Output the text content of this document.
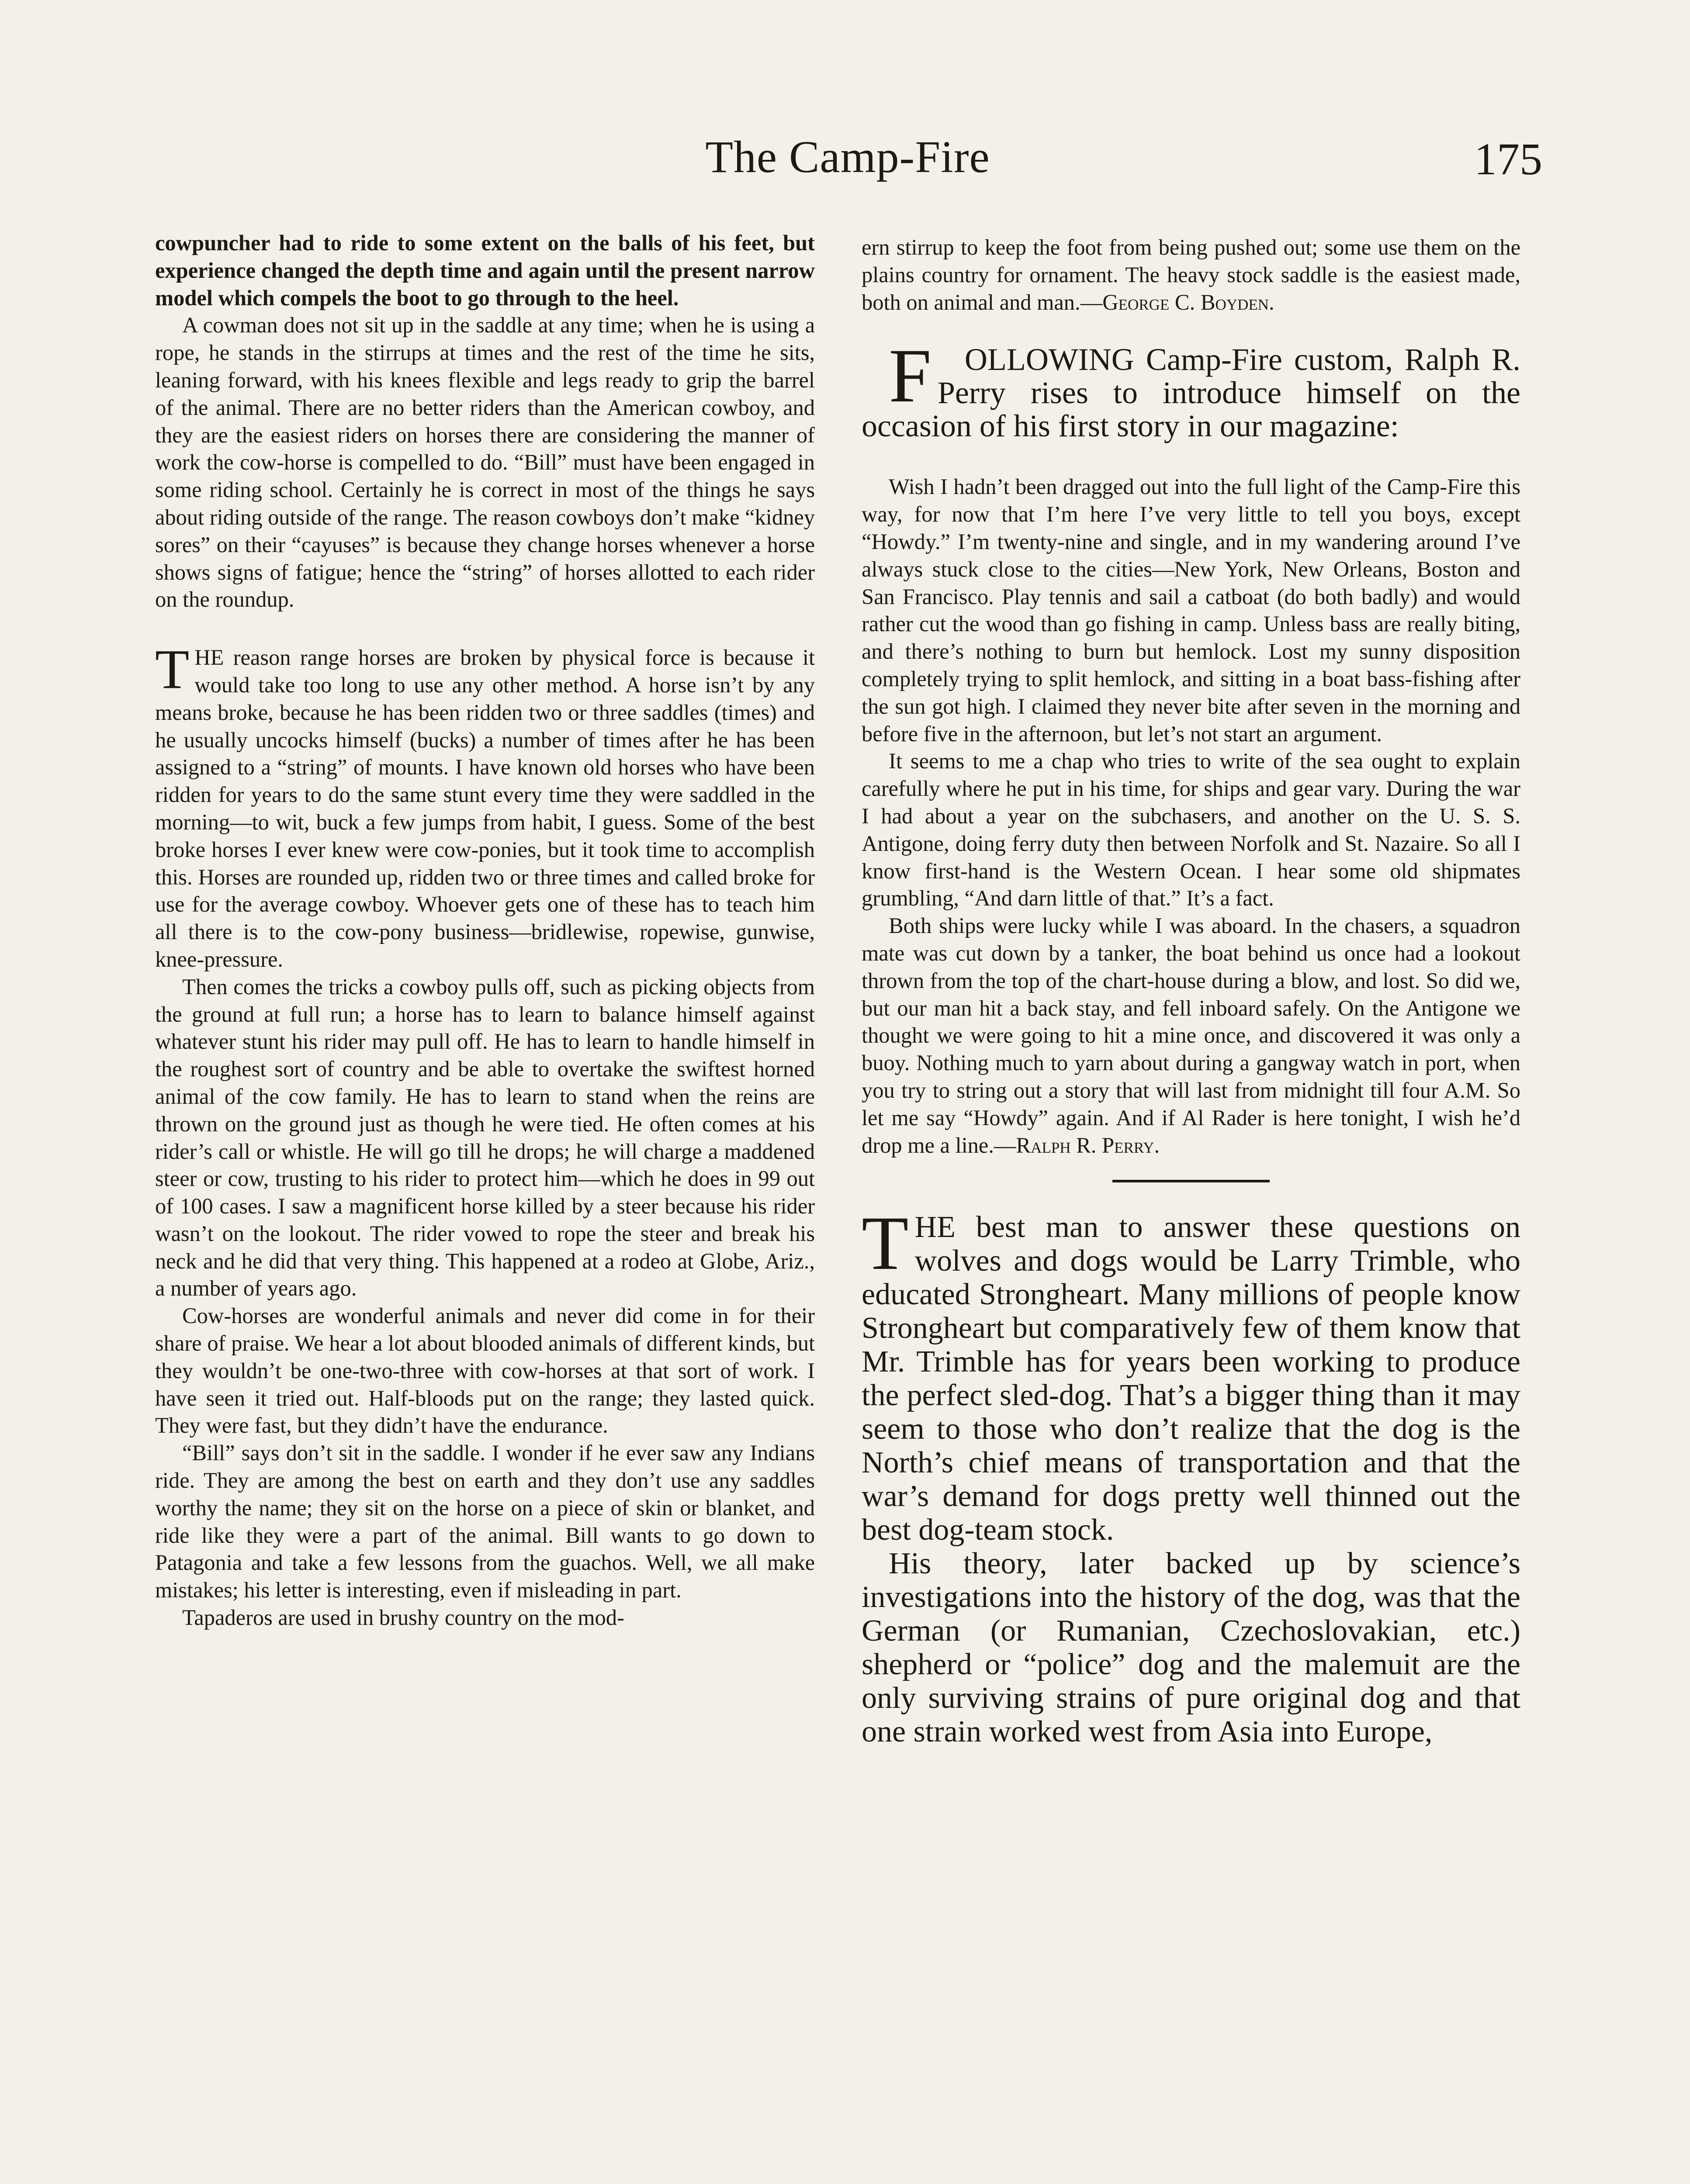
The Camp-Fire	175

cowpuncher had to ride to some extent on the balls of his feet, but experience changed the depth time and again until the present narrow model which compels the boot to go through to the heel.

A cowman does not sit up in the saddle at any time; when he is using a rope, he stands in the stirrups at times and the rest of the time he sits, leaning forward, with his knees flexible and legs ready to grip the barrel of the animal. There are no better riders than the American cowboy, and they are the easiest riders on horses there are considering the manner of work the cow-horse is compelled to do. “Bill” must have been engaged in some riding school. Certainly he is correct in most of the things he says about riding outside of the range. The reason cowboys don’t make “kidney sores” on their “cayuses” is because they change horses whenever a horse shows signs of fatigue; hence the “string” of horses allotted to each rider on the roundup.

THE reason range horses are broken by physical force is because it would take too long to use any other method. A horse isn’t by any means broke, because he has been ridden two or three saddles (times) and he usually uncocks himself (bucks) a number of times after he has been assigned to a “string” of mounts. I have known old horses who have been ridden for years to do the same stunt every time they were saddled in the morning—to wit, buck a few jumps from habit, I guess. Some of the best broke horses I ever knew were cow-ponies, but it took time to accomplish this. Horses are rounded up, ridden two or three times and called broke for use for the average cowboy. Whoever gets one of these has to teach him all there is to the cow-pony business—bridlewise, ropewise, gunwise, knee-pressure.

Then comes the tricks a cowboy pulls off, such as picking objects from the ground at full run; a horse has to learn to balance himself against whatever stunt his rider may pull off. He has to learn to handle himself in the roughest sort of country and be able to overtake the swiftest horned animal of the cow family. He has to learn to stand when the reins are thrown on the ground just as though he were tied. He often comes at his rider’s call or whistle. He will go till he drops; he will charge a maddened steer or cow, trusting to his rider to protect him—which he does in 99 out of 100 cases. I saw a magnificent horse killed by a steer because his rider wasn’t on the lookout. The rider vowed to rope the steer and break his neck and he did that very thing. This happened at a rodeo at Globe, Ariz., a number of years ago.

Cow-horses are wonderful animals and never did come in for their share of praise. We hear a lot about blooded animals of different kinds, but they wouldn’t be one-two-three with cow-horses at that sort of work. I have seen it tried out. Half-bloods put on the range; they lasted quick. They were fast, but they didn’t have the endurance.

“Bill” says don’t sit in the saddle. I wonder if he ever saw any Indians ride. They are among the best on earth and they don’t use any saddles worthy the name; they sit on the horse on a piece of skin or blanket, and ride like they were a part of the animal. Bill wants to go down to Patagonia and take a few lessons from the guachos. Well, we all make mistakes; his letter is interesting, even if misleading in part.

Tapaderos are used in brushy country on the mod-

ern stirrup to keep the foot from being pushed out; some use them on the plains country for ornament. The heavy stock saddle is the easiest made, both on animal and man.—George C. Boyden.

F OLLOWING Camp-Fire custom, Ralph R. Perry rises to introduce himself on the occasion of his first story in our magazine:

Wish I hadn’t been dragged out into the full light of the Camp-Fire this way, for now that I’m here I’ve very little to tell you boys, except “Howdy.” I’m twenty-nine and single, and in my wandering around I’ve always stuck close to the cities—New York, New Orleans, Boston and San Francisco. Play tennis and sail a catboat (do both badly) and would rather cut the wood than go fishing in camp. Unless bass are really biting, and there’s nothing to burn but hemlock. Lost my sunny disposition completely trying to split hemlock, and sitting in a boat bass-fishing after the sun got high. I claimed they never bite after seven in the morning and before five in the afternoon, but let’s not start an argument.

It seems to me a chap who tries to write of the sea ought to explain carefully where he put in his time, for ships and gear vary. During the war I had about a year on the subchasers, and another on the U. S. S. Antigone, doing ferry duty then between Norfolk and St. Nazaire. So all I know first-hand is the Western Ocean. I hear some old shipmates grumbling, “And darn little of that.” It’s a fact.

Both ships were lucky while I was aboard. In the chasers, a squadron mate was cut down by a tanker, the boat behind us once had a lookout thrown from the top of the chart-house during a blow, and lost. So did we, but our man hit a back stay, and fell inboard safely. On the Antigone we thought we were going to hit a mine once, and discovered it was only a buoy. Nothing much to yarn about during a gangway watch in port, when you try to string out a story that will last from midnight till four A.M. So let me say “Howdy” again. And if Al Rader is here tonight, I wish he’d drop me a line.—Ralph R. Perry.

THE best man to answer these questions on wolves and dogs would be Larry Trimble, who educated Strongheart. Many millions of people know Strongheart but comparatively few of them know that Mr. Trimble has for years been working to produce the perfect sled-dog. That’s a bigger thing than it may seem to those who don’t realize that the dog is the North’s chief means of transportation and that the war’s demand for dogs pretty well thinned out the best dog-team stock.

His theory, later backed up by science’s investigations into the history of the dog, was that the German (or Rumanian, Czechoslovakian, etc.) shepherd or “police” dog and the malemuit are the only surviving strains of pure original dog and that one strain worked west from Asia into Europe,
